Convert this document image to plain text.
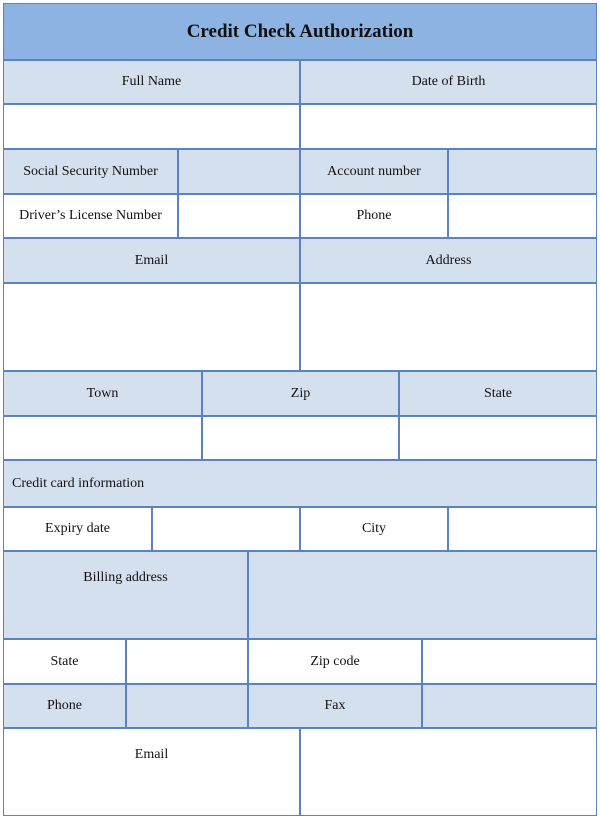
Credit Check Authorization
Full Name	Date of Birth
Social Security Number	Account number
Driver’s License Number	Phone
Email	Address
Town	Zip	State
Credit card information
Expiry date	City
Billing address
State	Zip code
Phone	Fax
Email
